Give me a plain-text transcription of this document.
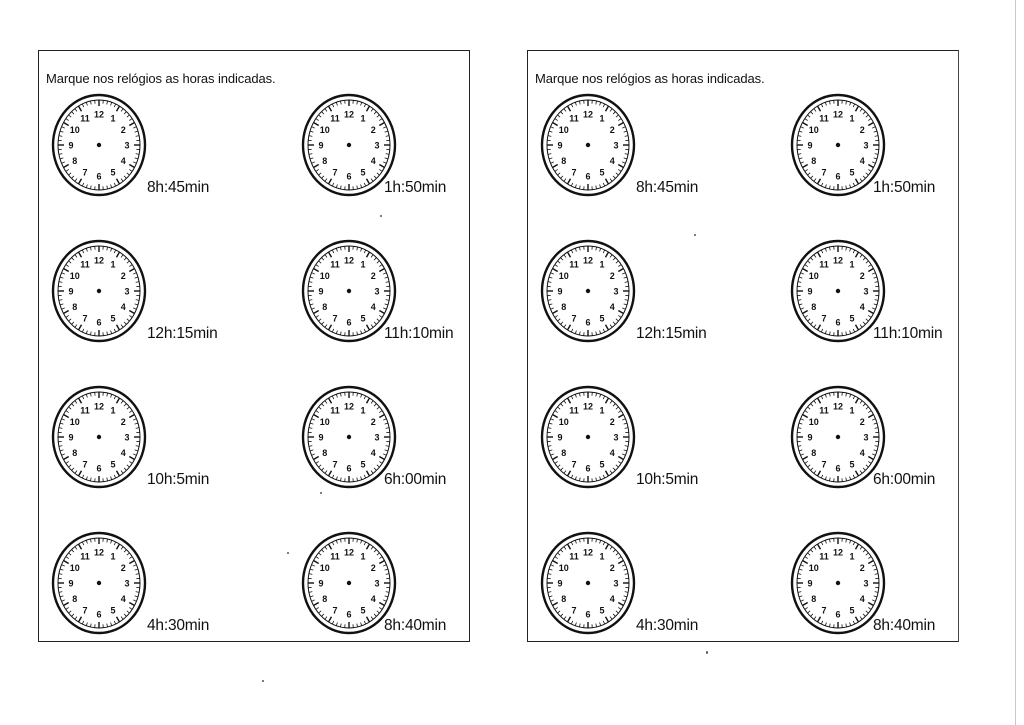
Marque nos relógios as horas indicadas.
12 1
2
3
4
5
6
7
8
9
10
11
8h:45min
12 1
2
3
4
5
6
7
8
9
10
11
1h:50min
12 1
2
3
4
5
6
7
8
9
10
11
12h:15min
12 1
2
3
4
5
6
7
8
9
10
11
11h:10min
12 1
2
3
4
5
6
7
8
9
10
11
10h:5min
12 1
2
3
4
5
6
7
8
9
10
11
6h:00min
12 1
2
3
4
5
6
7
8
9
10
11
4h:30min
12 1
2
3
4
5
6
7
8
9
10
11
8h:40min
Marque nos relógios as horas indicadas.
12 1
2
3
4
5
6
7
8
9
10
11
8h:45min
12 1
2
3
4
5
6
7
8
9
10
11
1h:50min
12 1
2
3
4
5
6
7
8
9
10
11
12h:15min
12 1
2
3
4
5
6
7
8
9
10
11
11h:10min
12 1
2
3
4
5
6
7
8
9
10
11
10h:5min
12 1
2
3
4
5
6
7
8
9
10
11
6h:00min
12 1
2
3
4
5
6
7
8
9
10
11
4h:30min
12 1
2
3
4
5
6
7
8
9
10
11
8h:40min
